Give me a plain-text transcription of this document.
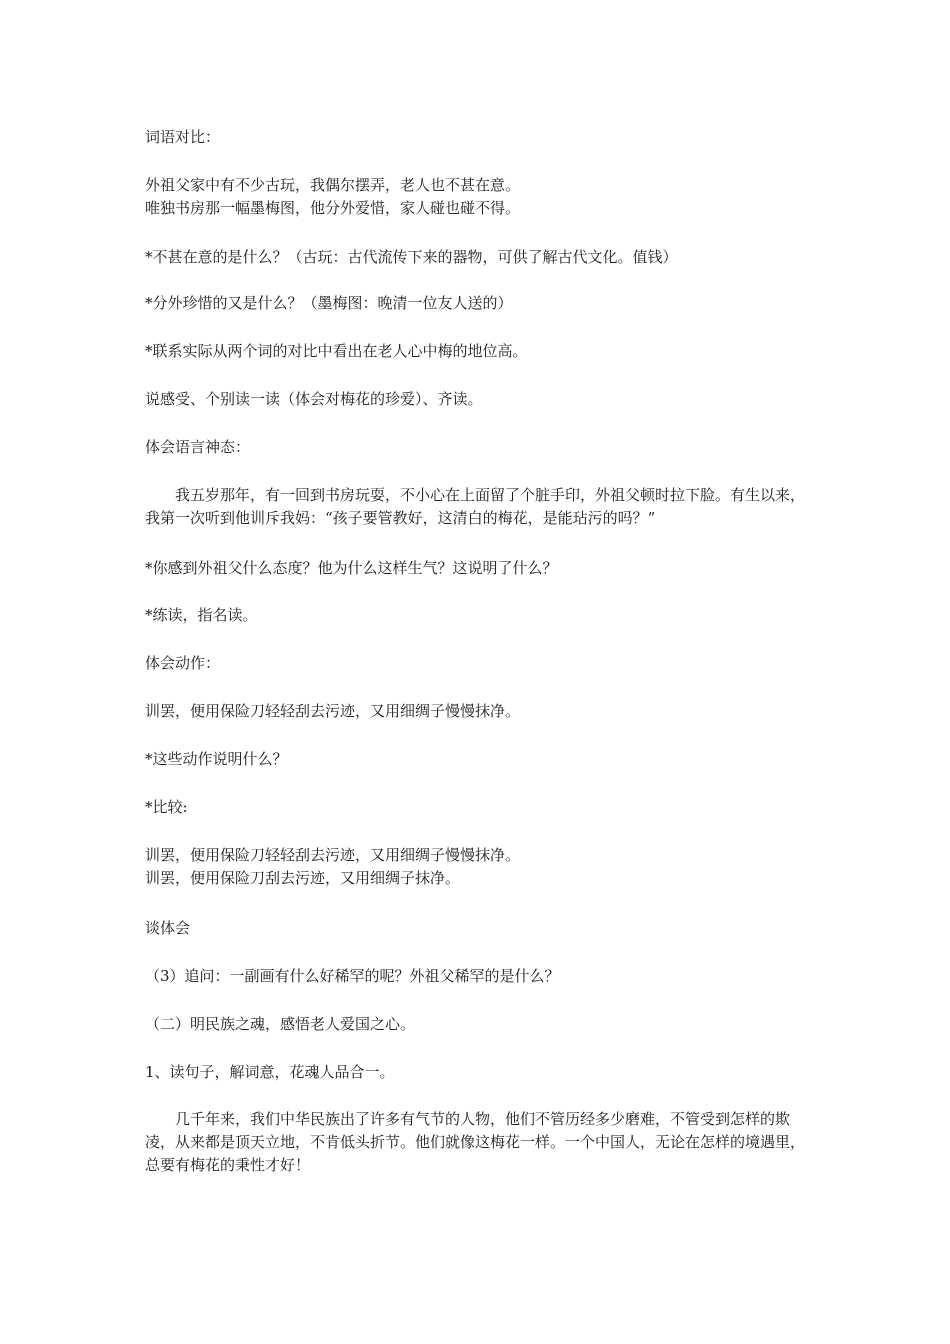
词语对比：
外祖父家中有不少古玩，我偶尔摆弄，老人也不甚在意。
唯独书房那一幅墨梅图，他分外爱惜，家人碰也碰不得。
*不甚在意的是什么？（古玩：古代流传下来的器物，可供了解古代文化。值钱）
*分外珍惜的又是什么？（墨梅图：晚清一位友人送的）
*联系实际从两个词的对比中看出在老人心中梅的地位高。
说感受、个别读一读（体会对梅花的珍爱）、齐读。
体会语言神态：
我五岁那年，有一回到书房玩耍，不小心在上面留了个脏手印，外祖父顿时拉下脸。有生以来，我第一次听到他训斥我妈：“孩子要管教好，这清白的梅花，是能玷污的吗？”
*你感到外祖父什么态度？他为什么这样生气？这说明了什么？
*练读，指名读。
体会动作：
训罢，便用保险刀轻轻刮去污迹，又用细绸子慢慢抹净。
*这些动作说明什么？
*比较:
训罢，便用保险刀轻轻刮去污迹，又用细绸子慢慢抹净。
训罢，便用保险刀刮去污迹，又用细绸子抹净。
谈体会
（3）追问：一副画有什么好稀罕的呢？外祖父稀罕的是什么？
（二）明民族之魂，感悟老人爱国之心。
1、读句子，解词意，花魂人品合一。
几千年来，我们中华民族出了许多有气节的人物，他们不管历经多少磨难，不管受到怎样的欺凌，从来都是顶天立地，不肯低头折节。他们就像这梅花一样。一个中国人，无论在怎样的境遇里，总要有梅花的秉性才好！
